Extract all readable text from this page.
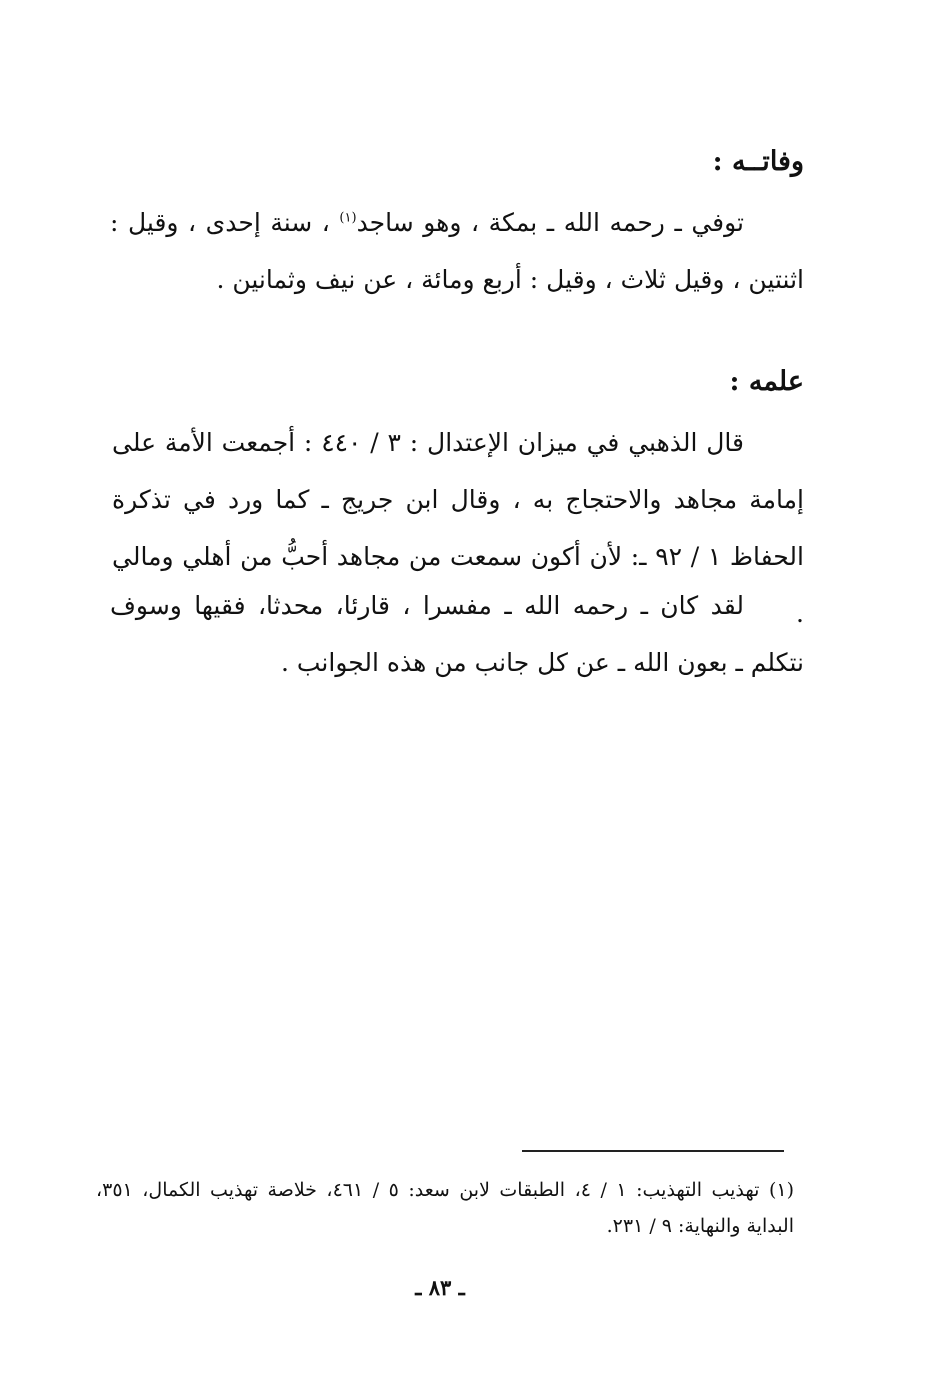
وفاتــه :

توفي ـ رحمه الله ـ بمكة ، وهو ساجد$^{(١)}$ ، سنة إحدى ، وقيل : اثنتين ، وقيل ثلاث ، وقيل : أربع ومائة ، عن نيف وثمانين .

علمه :

قال الذهبي في ميزان الإعتدال : ٣ / ٤٤٠ : أجمعت الأمة على إمامة مجاهد والاحتجاج به ، وقال ابن جريج ـ كما ورد في تذكرة الحفاظ ١ / ٩٢ ـ: لأن أكون سمعت من مجاهد أحبُّ من أهلي ومالي .

لقد كان ـ رحمه الله ـ مفسرا ، قارئا، محدثا، فقيها وسوف نتكلم ـ بعون الله ـ عن كل جانب من هذه الجوانب .

(١) تهذيب التهذيب: ١ / ٤، الطبقات لابن سعد: ٥ / ٤٦١، خلاصة تهذيب الكمال، ٣٥١، البداية والنهاية: ٩ / ٢٣١.
ـ ٨٣ ـ
